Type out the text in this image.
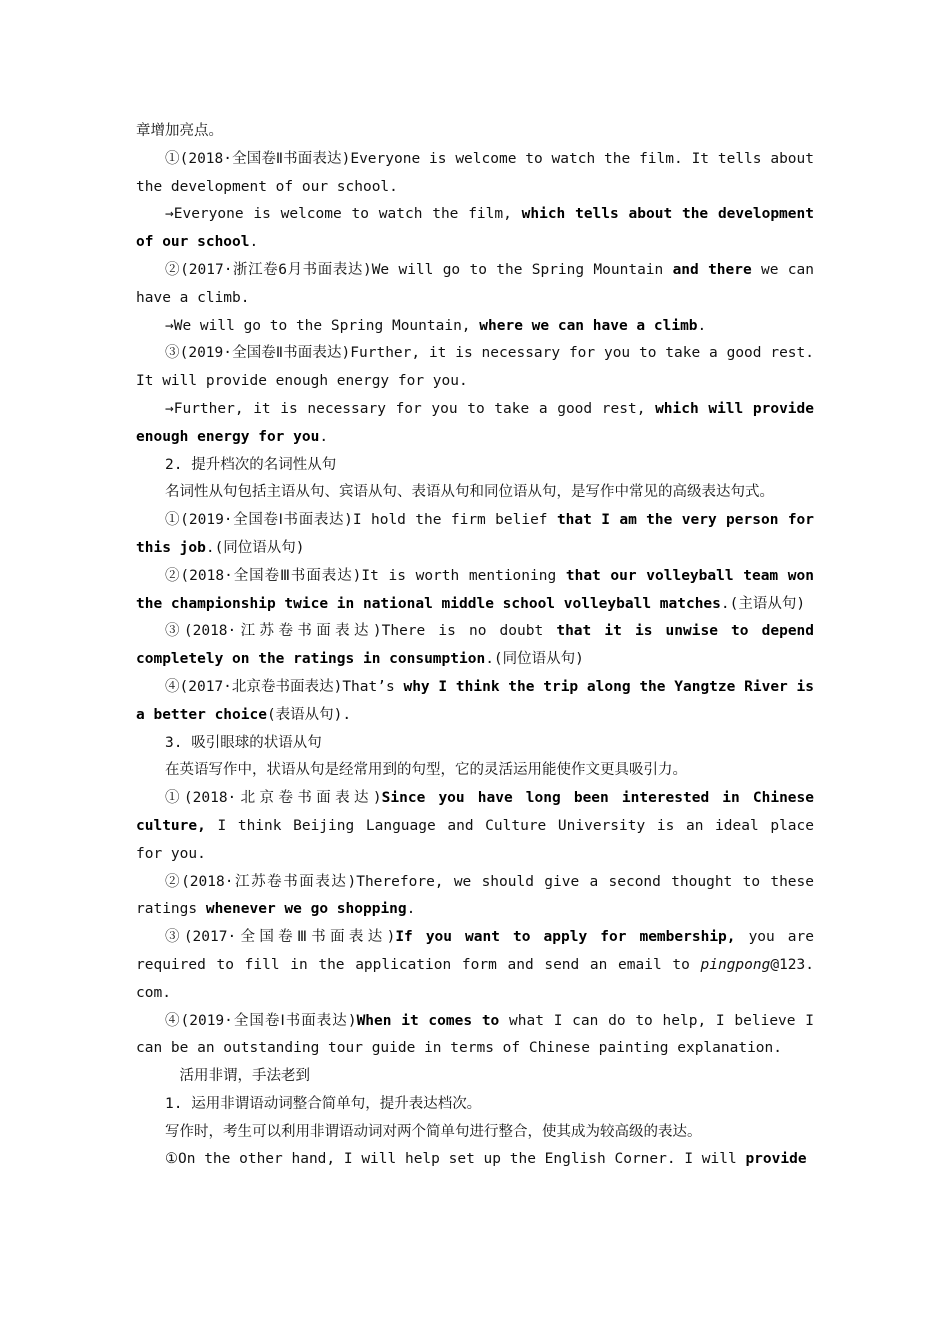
章增加亮点。

①(2018·全国卷Ⅱ书面表达)Everyone is welcome to watch the film. It tells about the development of our school.

→Everyone is welcome to watch the film, which tells about the development of our school.

②(2017·浙江卷6月书面表达)We will go to the Spring Mountain and there we can have a climb.

→We will go to the Spring Mountain, where we can have a climb.

③(2019·全国卷Ⅱ书面表达)Further, it is necessary for you to take a good rest. It will provide enough energy for you.

→Further, it is necessary for you to take a good rest, which will provide enough energy for you.

2. 提升档次的名词性从句

名词性从句包括主语从句、宾语从句、表语从句和同位语从句，是写作中常见的高级表达句式。

①(2019·全国卷Ⅰ书面表达)I hold the firm belief that I am the very person for this job.(同位语从句)

②(2018·全国卷Ⅲ书面表达)It is worth mentioning that our volleyball team won the championship twice in national middle school volleyball matches.(主语从句)

③(2018·江苏卷书面表达)There is no doubt that it is unwise to depend completely on the ratings in consumption.(同位语从句)

④(2017·北京卷书面表达)That’s why I think the trip along the Yangtze River is a better choice(表语从句).

3. 吸引眼球的状语从句

在英语写作中，状语从句是经常用到的句型，它的灵活运用能使作文更具吸引力。

①(2018·北京卷书面表达)Since you have long been interested in Chinese culture, I think Beijing Language and Culture University is an ideal place for you.

②(2018·江苏卷书面表达)Therefore, we should give a second thought to these ratings whenever we go shopping.

③(2017·全国卷Ⅲ书面表达)If you want to apply for membership, you are required to fill in the application form and send an email to pingpong@123. com.

④(2019·全国卷Ⅰ书面表达)When it comes to what I can do to help, I believe I can be an outstanding tour guide in terms of Chinese painting explanation.

活用非谓，手法老到

1. 运用非谓语动词整合简单句，提升表达档次。

写作时，考生可以利用非谓语动词对两个简单句进行整合，使其成为较高级的表达。

①On the other hand, I will help set up the English Corner. I will provide
